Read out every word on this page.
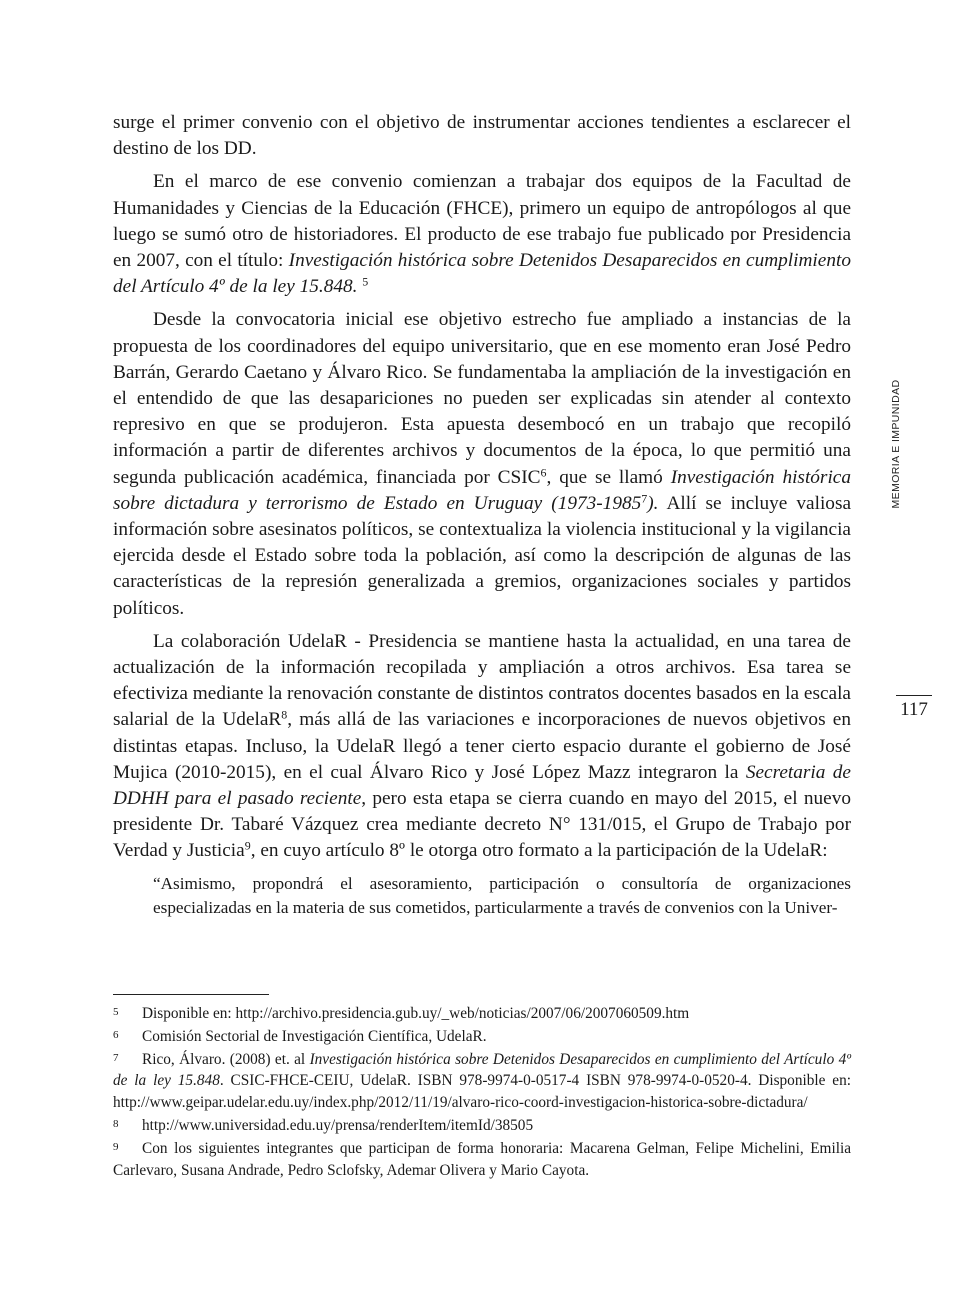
surge el primer convenio con el objetivo de instrumentar acciones tendientes a esclarecer el destino de los DD.

En el marco de ese convenio comienzan a trabajar dos equipos de la Facultad de Humanidades y Ciencias de la Educación (FHCE), primero un equipo de antropólogos al que luego se sumó otro de historiadores. El producto de ese trabajo fue publicado por Presidencia en 2007, con el título: Investigación histórica sobre Detenidos Desaparecidos en cumplimiento del Artículo 4º de la ley 15.848. $^5$

Desde la convocatoria inicial ese objetivo estrecho fue ampliado a instancias de la propuesta de los coordinadores del equipo universitario, que en ese momento eran José Pedro Barrán, Gerardo Caetano y Álvaro Rico. Se fundamentaba la ampliación de la investigación en el entendido de que las desapariciones no pueden ser explicadas sin atender al contexto represivo en que se produjeron. Esta apuesta desembocó en un trabajo que recopiló información a partir de diferentes archivos y documentos de la época, lo que permitió una segunda publicación académica, financiada por CSIC$^6$, que se llamó Investigación histórica sobre dictadura y terrorismo de Estado en Uruguay (1973-1985$^7$). Allí se incluye valiosa información sobre asesinatos políticos, se contextualiza la violencia institucional y la vigilancia ejercida desde el Estado sobre toda la población, así como la descripción de algunas de las características de la represión generalizada a gremios, organizaciones sociales y partidos políticos.

La colaboración UdelaR - Presidencia se mantiene hasta la actualidad, en una tarea de actualización de la información recopilada y ampliación a otros archivos. Esa tarea se efectiviza mediante la renovación constante de distintos contratos docentes basados en la escala salarial de la UdelaR$^8$, más allá de las variaciones e incorporaciones de nuevos objetivos en distintas etapas. Incluso, la UdelaR llegó a tener cierto espacio durante el gobierno de José Mujica (2010-2015), en el cual Álvaro Rico y José López Mazz integraron la Secretaria de DDHH para el pasado reciente, pero esta etapa se cierra cuando en mayo del 2015, el nuevo presidente Dr. Tabaré Vázquez crea mediante decreto N° 131/015, el Grupo de Trabajo por Verdad y Justicia$^9$, en cuyo artículo 8º le otorga otro formato a la participación de la UdelaR:

“Asimismo, propondrá el asesoramiento, participación o consultoría de organizaciones especializadas en la materia de sus cometidos, particularmente a través de convenios con la Univer-

5 Disponible en: http://archivo.presidencia.gub.uy/_web/noticias/2007/06/2007060509.htm

6 Comisión Sectorial de Investigación Científica, UdelaR.

7 Rico, Álvaro. (2008) et. al Investigación histórica sobre Detenidos Desaparecidos en cumplimiento del Artículo 4º de la ley 15.848. CSIC-FHCE-CEIU, UdelaR. ISBN 978-9974-0-0517-4 ISBN 978-9974-0-0520-4. Disponible en: http://www.geipar.udelar.edu.uy/index.php/2012/11/19/alvaro-rico-coord-investigacion-historica-sobre-dictadura/

8 http://www.universidad.edu.uy/prensa/renderItem/itemId/38505

9 Con los siguientes integrantes que participan de forma honoraria: Macarena Gelman, Felipe Michelini, Emilia Carlevaro, Susana Andrade, Pedro Sclofsky, Ademar Olivera y Mario Cayota.

MEMORIA E IMPUNIDAD
117
